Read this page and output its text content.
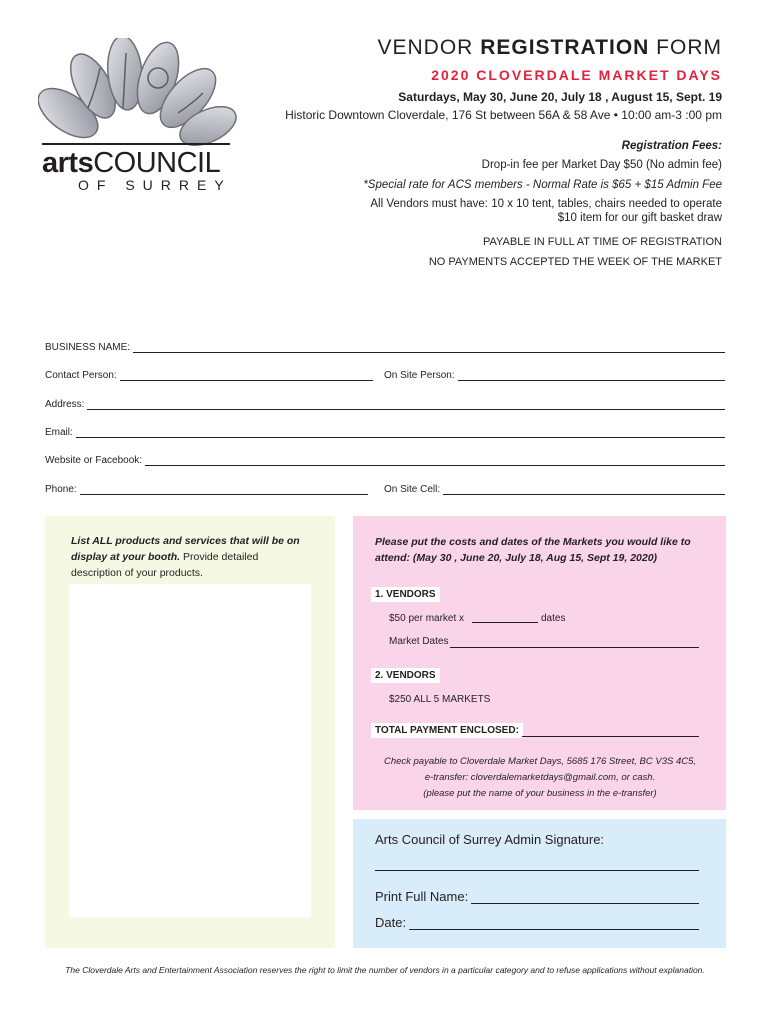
artsCOUNCIL
OF SURREY
VENDOR REGISTRATION FORM
2020 CLOVERDALE MARKET DAYS
Saturdays, May 30, June 20, July 18 , August 15, Sept. 19
Historic Downtown Cloverdale, 176 St between 56A & 58 Ave • 10:00 am-3 :00 pm
Registration Fees:
Drop-in fee per Market Day $50 (No admin fee)
*Special rate for ACS members - Normal Rate is $65 + $15 Admin Fee
All Vendors must have: 10 x 10 tent, tables, chairs needed to operate
$10 item for our gift basket draw
PAYABLE IN FULL AT TIME OF REGISTRATION
NO PAYMENTS ACCEPTED THE WEEK OF THE MARKET
BUSINESS NAME:
Contact Person:	On Site Person:
Address:
Email:
Website or Facebook:
Phone:	On Site Cell:
List ALL products and services that will be on display at your booth. Provide detailed description of your products.
Please put the costs and dates of the Markets you would like to attend: (May 30 , June 20, July 18, Aug 15, Sept 19, 2020)
1. VENDORS
$50 per market x	dates
Market Dates
2. VENDORS
$250 ALL 5 MARKETS
TOTAL PAYMENT ENCLOSED:
Check payable to Cloverdale Market Days, 5685 176 Street, BC V3S 4C5,
e-transfer: cloverdalemarketdays@gmail.com, or cash.
(please put the name of your business in the e-transfer)
Arts Council of Surrey Admin Signature:
Print Full Name:
Date:
The Cloverdale Arts and Entertainment Association reserves the right to limit the number of vendors in a particular category and to refuse applications without explanation.
